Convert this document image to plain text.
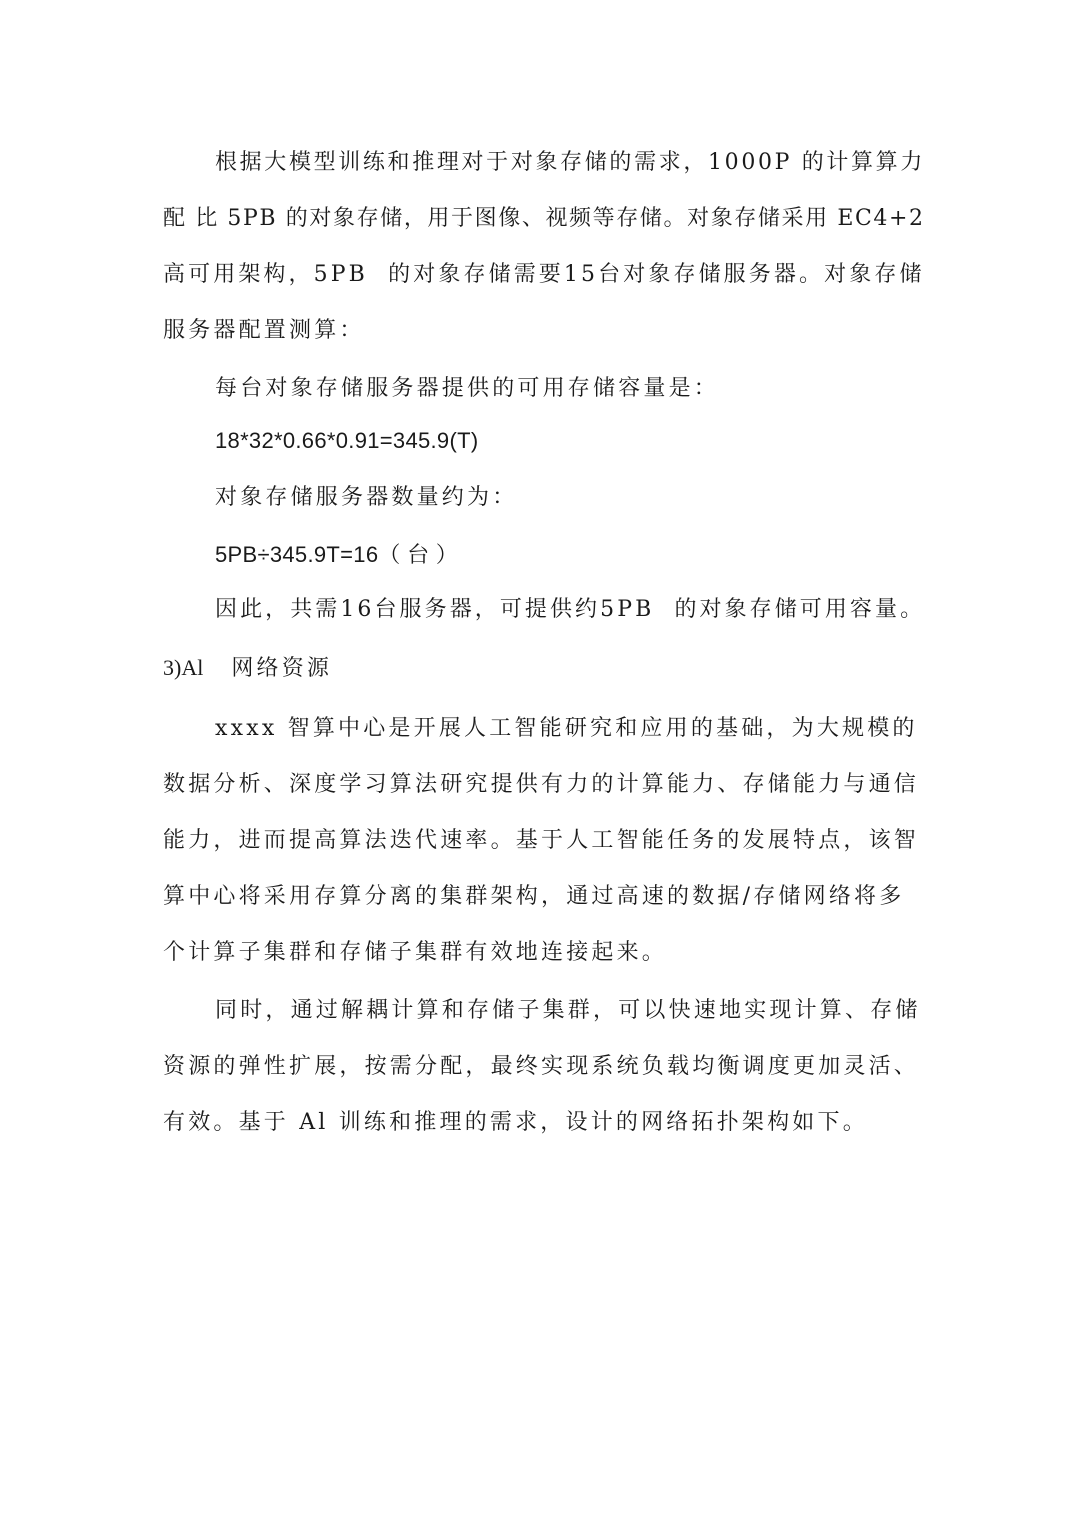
根据大模型训练和推理对于对象存储的需求，1000P 的计算算力
配 比 5PB 的对象存储，用于图像、视频等存储。对象存储采用 EC4+2
高可用架构，5PB  的对象存储需要15台对象存储服务器。对象存储
服务器配置测算：
每台对象存储服务器提供的可用存储容量是：
18*32*0.66*0.91=345.9(T)
对象存储服务器数量约为：
5PB÷345.9T=16（ 台 ）
因此，共需16台服务器，可提供约5PB  的对象存储可用容量。
3)Al 网络资源
xxxx 智算中心是开展人工智能研究和应用的基础，为大规模的
数据分析、深度学习算法研究提供有力的计算能力、存储能力与通信
能力，进而提高算法迭代速率。基于人工智能任务的发展特点，该智
算中心将采用存算分离的集群架构，通过高速的数据/存储网络将多
个计算子集群和存储子集群有效地连接起来。
同时，通过解耦计算和存储子集群，可以快速地实现计算、存储
资源的弹性扩展，按需分配，最终实现系统负载均衡调度更加灵活、
有效。基于 Al 训练和推理的需求，设计的网络拓扑架构如下。
